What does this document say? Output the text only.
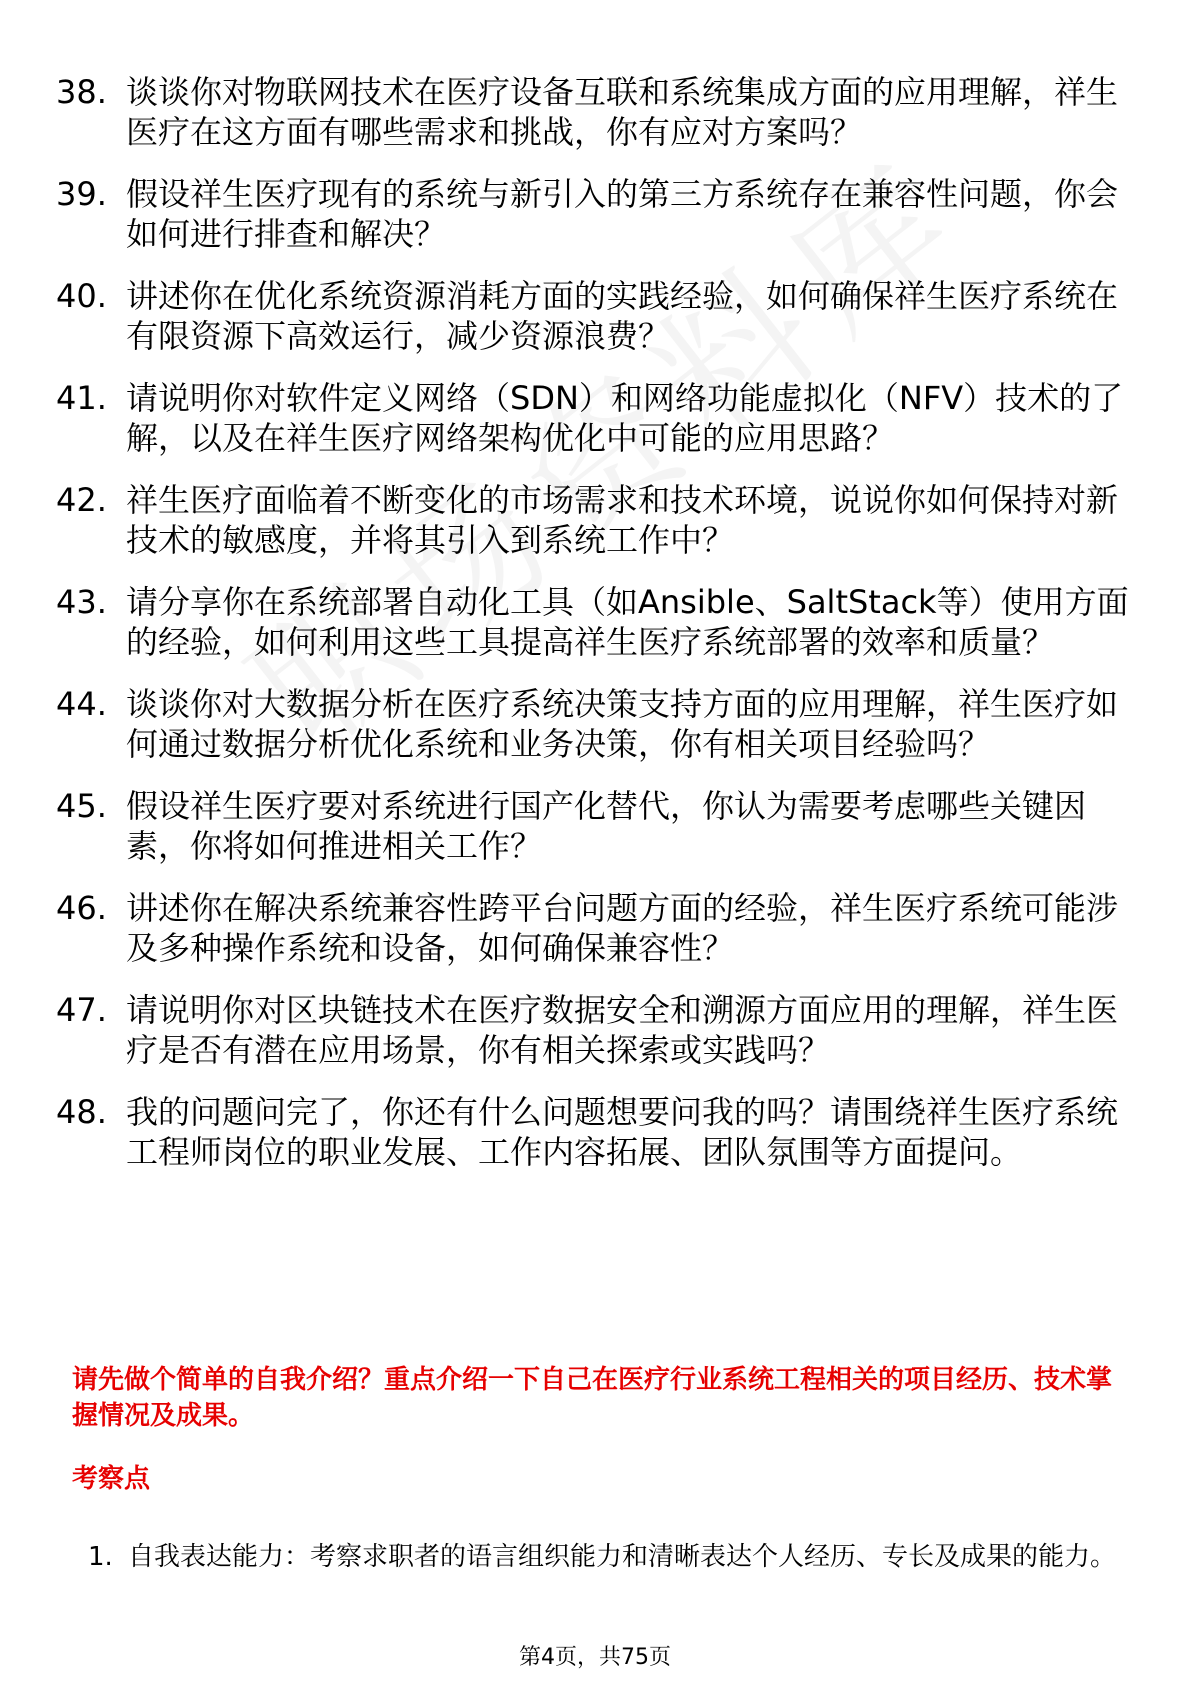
38. 谈谈你对物联网技术在医疗设备互联和系统集成方面的应用理解，祥生医疗在这方面有哪些需求和挑战，你有应对方案吗？
39. 假设祥生医疗现有的系统与新引入的第三方系统存在兼容性问题，你会如何进行排查和解决？
40. 讲述你在优化系统资源消耗方面的实践经验，如何确保祥生医疗系统在有限资源下高效运行，减少资源浪费？
41. 请说明你对软件定义网络（SDN）和网络功能虚拟化（NFV）技术的了解，以及在祥生医疗网络架构优化中可能的应用思路？
42. 祥生医疗面临着不断变化的市场需求和技术环境，说说你如何保持对新技术的敏感度，并将其引入到系统工作中？
43. 请分享你在系统部署自动化工具（如Ansible、SaltStack等）使用方面的经验，如何利用这些工具提高祥生医疗系统部署的效率和质量？
44. 谈谈你对大数据分析在医疗系统决策支持方面的应用理解，祥生医疗如何通过数据分析优化系统和业务决策，你有相关项目经验吗？
45. 假设祥生医疗要对系统进行国产化替代，你认为需要考虑哪些关键因素，你将如何推进相关工作？
46. 讲述你在解决系统兼容性跨平台问题方面的经验，祥生医疗系统可能涉及多种操作系统和设备，如何确保兼容性？
47. 请说明你对区块链技术在医疗数据安全和溯源方面应用的理解，祥生医疗是否有潜在应用场景，你有相关探索或实践吗？
48. 我的问题问完了，你还有什么问题想要问我的吗？请围绕祥生医疗系统工程师岗位的职业发展、工作内容拓展、团队氛围等方面提问。
请先做个简单的自我介绍？重点介绍一下自己在医疗行业系统工程相关的项目经历、技术掌握情况及成果。
考察点
1. 自我表达能力：考察求职者的语言组织能力和清晰表达个人经历、专长及成果的能力。
第4页，共75页
